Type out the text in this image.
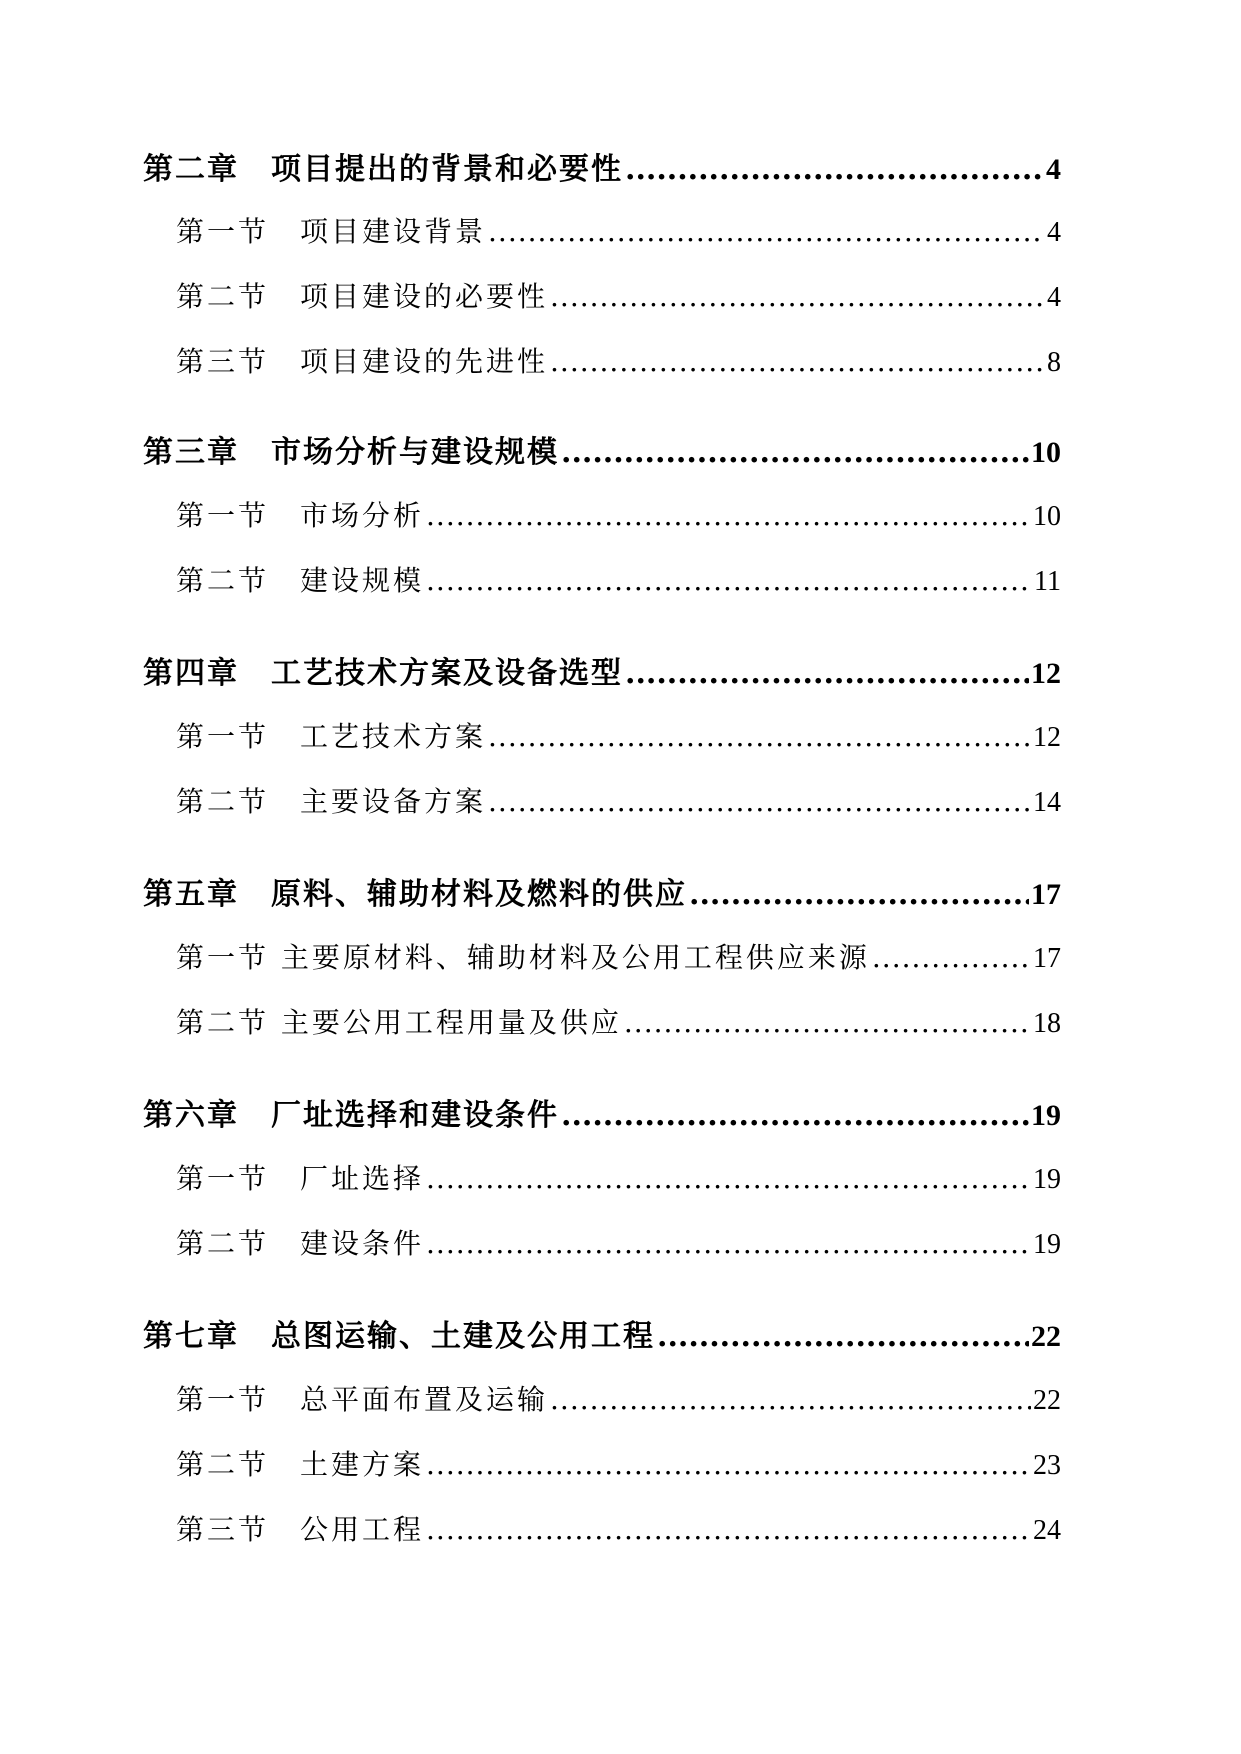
第二章　项目提出的背景和必要性 .....	4
第一节　项目建设背景 .....	4
第二节　项目建设的必要性 .....	4
第三节　项目建设的先进性 .....	8
第三章　市场分析与建设规模 .....	10
第一节　市场分析 .....	10
第二节　建设规模 .....	11
第四章　工艺技术方案及设备选型 .....	12
第一节　工艺技术方案 .....	12
第二节　主要设备方案 .....	14
第五章　原料、辅助材料及燃料的供应 .....	17
第一节 主要原材料、辅助材料及公用工程供应来源 .....	17
第二节 主要公用工程用量及供应 .....	18
第六章　厂址选择和建设条件 .....	19
第一节　厂址选择 .....	19
第二节　建设条件 .....	19
第七章　总图运输、土建及公用工程 .....	22
第一节　总平面布置及运输 .....	22
第二节　土建方案 .....	23
第三节　公用工程 .....	24
